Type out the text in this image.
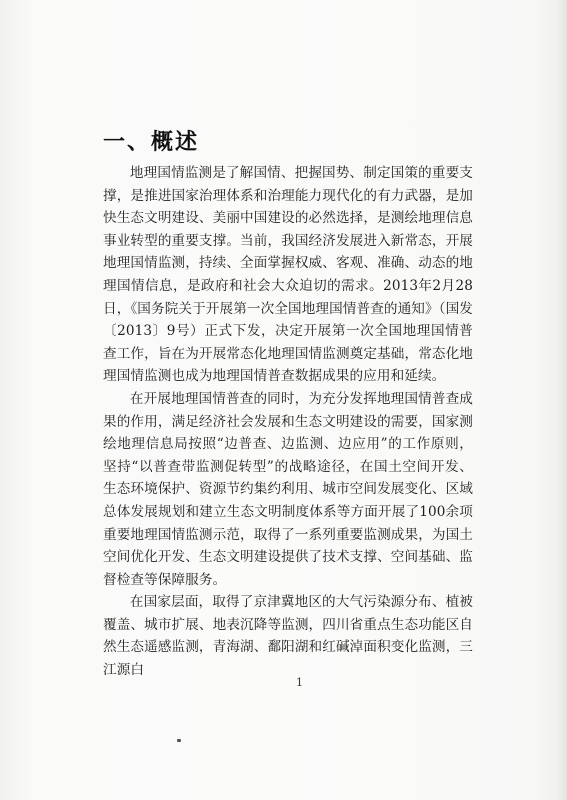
一、概述

地理国情监测是了解国情、把握国势、制定国策的重要支撑，是推进国家治理体系和治理能力现代化的有力武器，是加快生态文明建设、美丽中国建设的必然选择，是测绘地理信息事业转型的重要支撑。当前，我国经济发展进入新常态，开展地理国情监测，持续、全面掌握权威、客观、准确、动态的地理国情信息，是政府和社会大众迫切的需求。2013年2月28日，《国务院关于开展第一次全国地理国情普查的通知》（国发〔2013〕9号）正式下发，决定开展第一次全国地理国情普查工作，旨在为开展常态化地理国情监测奠定基础，常态化地理国情监测也成为地理国情普查数据成果的应用和延续。

在开展地理国情普查的同时，为充分发挥地理国情普查成果的作用，满足经济社会发展和生态文明建设的需要，国家测绘地理信息局按照“边普查、边监测、边应用”的工作原则，坚持“以普查带监测促转型”的战略途径，在国土空间开发、生态环境保护、资源节约集约利用、城市空间发展变化、区域总体发展规划和建立生态文明制度体系等方面开展了100余项重要地理国情监测示范，取得了一系列重要监测成果，为国土空间优化开发、生态文明建设提供了技术支撑、空间基础、监督检查等保障服务。

在国家层面，取得了京津冀地区的大气污染源分布、植被覆盖、城市扩展、地表沉降等监测，四川省重点生态功能区自然生态遥感监测，青海湖、鄱阳湖和红碱淖面积变化监测，三江源白

1
